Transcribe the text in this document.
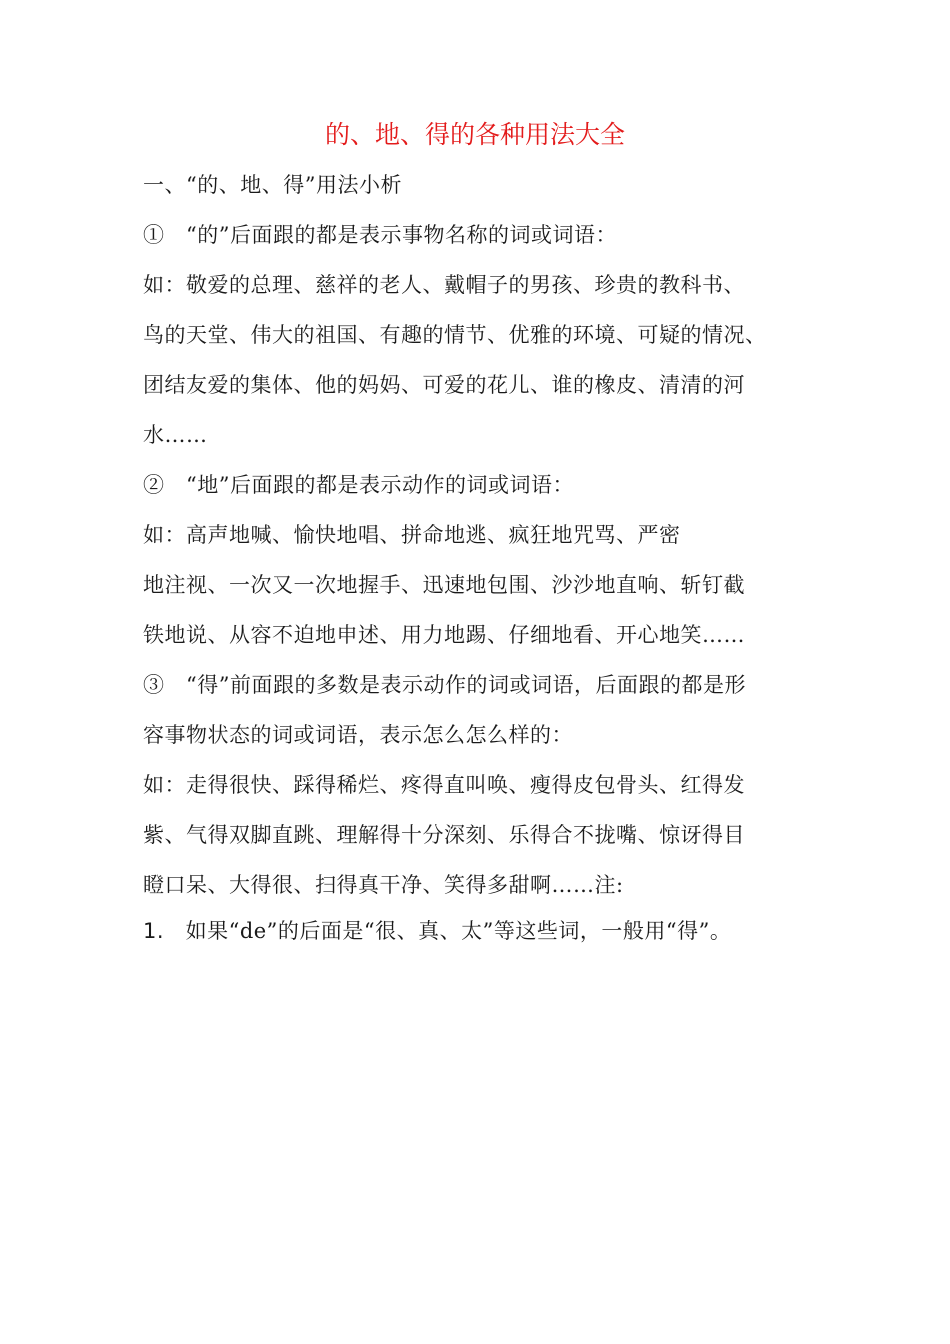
的、地、得的各种用法大全
一、“的、地、得”用法小析
①　“的”后面跟的都是表示事物名称的词或词语：
如：敬爱的总理、慈祥的老人、戴帽子的男孩、珍贵的教科书、
鸟的天堂、伟大的祖国、有趣的情节、优雅的环境、可疑的情况、
团结友爱的集体、他的妈妈、可爱的花儿、谁的橡皮、清清的河
水……
②　“地”后面跟的都是表示动作的词或词语：
如：高声地喊、愉快地唱、拼命地逃、疯狂地咒骂、严密
地注视、一次又一次地握手、迅速地包围、沙沙地直响、斩钉截
铁地说、从容不迫地申述、用力地踢、仔细地看、开心地笑……
③　“得”前面跟的多数是表示动作的词或词语，后面跟的都是形
容事物状态的词或词语，表示怎么怎么样的：
如：走得很快、踩得稀烂、疼得直叫唤、瘦得皮包骨头、红得发
紫、气得双脚直跳、理解得十分深刻、乐得合不拢嘴、惊讶得目
瞪口呆、大得很、扫得真干净、笑得多甜啊……注:
1. 如果“de”的后面是“很、真、太”等这些词，一般用“得”。
